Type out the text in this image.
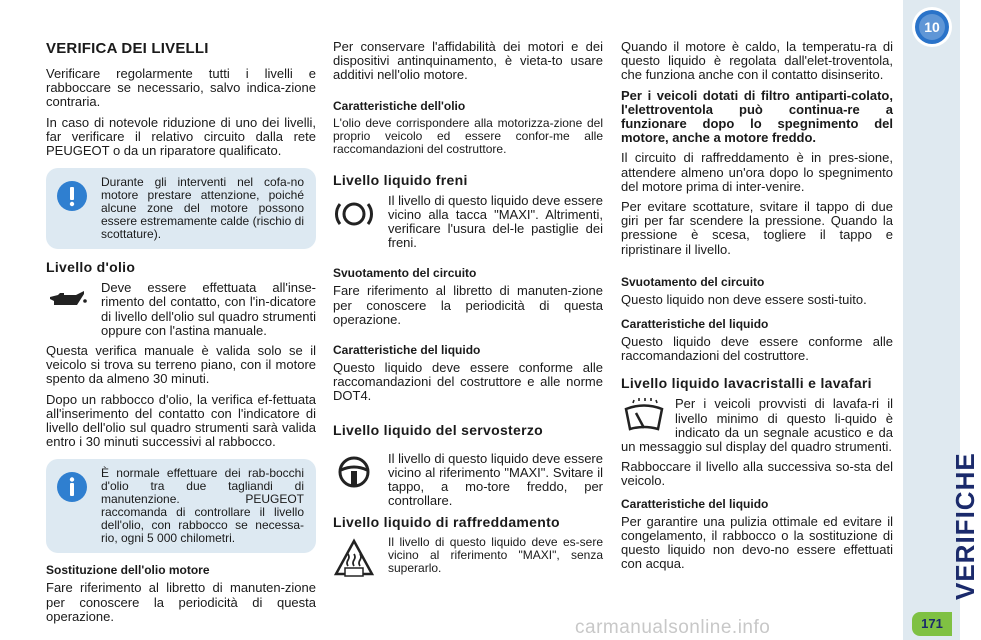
10
VERIFICHE
171
carmanualsonline.info
VERIFICA DEI LIVELLI

Verificare regolarmente tutti i livelli e rabboccare se necessario, salvo indica-zione contraria.

In caso di notevole riduzione di uno dei livelli, far verificare il relativo circuito dalla rete PEUGEOT o da un riparatore qualificato.

Durante gli interventi nel cofa-no motore prestare attenzione, poiché alcune zone del motore possono essere estremamente calde (rischio di scottature).
Livello d'olio

Deve essere effettuata all'inse-rimento del contatto, con l'in-dicatore di livello dell'olio sul quadro strumenti oppure con l'astina manuale.

Questa verifica manuale è valida solo se il veicolo si trova su terreno piano, con il motore spento da almeno 30 minuti.

Dopo un rabbocco d'olio, la verifica ef-fettuata all'inserimento del contatto con l'indicatore di livello dell'olio sul quadro strumenti sarà valida entro i 30 minuti successivi al rabbocco.

È normale effettuare dei rab-bocchi d'olio tra due tagliandi di manutenzione. PEUGEOT raccomanda di controllare il livello dell'olio, con rabbocco se necessa-rio, ogni 5 000 chilometri.
Sostituzione dell'olio motore

Fare riferimento al libretto di manuten-zione per conoscere la periodicità di questa operazione.

Per conservare l'affidabilità dei motori e dei dispositivi antinquinamento, è vieta-to usare additivi nell'olio motore.

Caratteristiche dell'olio

L'olio deve corrispondere alla motorizza-zione del proprio veicolo ed essere confor-me alle raccomandazioni del costruttore.

Livello liquido freni

Il livello di questo liquido deve essere vicino alla tacca "MAXI". Altrimenti, verificare l'usura del-le pastiglie dei freni.

Svuotamento del circuito

Fare riferimento al libretto di manuten-zione per conoscere la periodicità di questa operazione.

Caratteristiche del liquido

Questo liquido deve essere conforme alle raccomandazioni del costruttore e alle norme DOT4.

Livello liquido del servosterzo

Il livello di questo liquido deve essere vicino al riferimento "MAXI". Svitare il tappo, a mo-tore freddo, per controllare.

Livello liquido di raffreddamento

Il livello di questo liquido deve es-sere vicino al riferimento "MAXI", senza superarlo.

Quando il motore è caldo, la temperatu-ra di questo liquido è regolata dall'elet-troventola, che funziona anche con il contatto disinserito.

Per i veicoli dotati di filtro antiparti-colato, l'elettroventola può continua-re a funzionare dopo lo spegnimento del motore, anche a motore freddo.

Il circuito di raffreddamento è in pres-sione, attendere almeno un'ora dopo lo spegnimento del motore prima di inter-venire.

Per evitare scottature, svitare il tappo di due giri per far scendere la pressione. Quando la pressione è scesa, togliere il tappo e ripristinare il livello.

Svuotamento del circuito

Questo liquido non deve essere sosti-tuito.

Caratteristiche del liquido

Questo liquido deve essere conforme alle raccomandazioni del costruttore.

Livello liquido lavacristalli e lavafari

Per i veicoli provvisti di lavafa-ri il livello minimo di questo li-quido è indicato da un segnale acustico e da un messaggio sul display del quadro strumenti.

Rabboccare il livello alla successiva so-sta del veicolo.

Caratteristiche del liquido

Per garantire una pulizia ottimale ed evitare il congelamento, il rabbocco o la sostituzione di questo liquido non devo-no essere effettuati con acqua.
